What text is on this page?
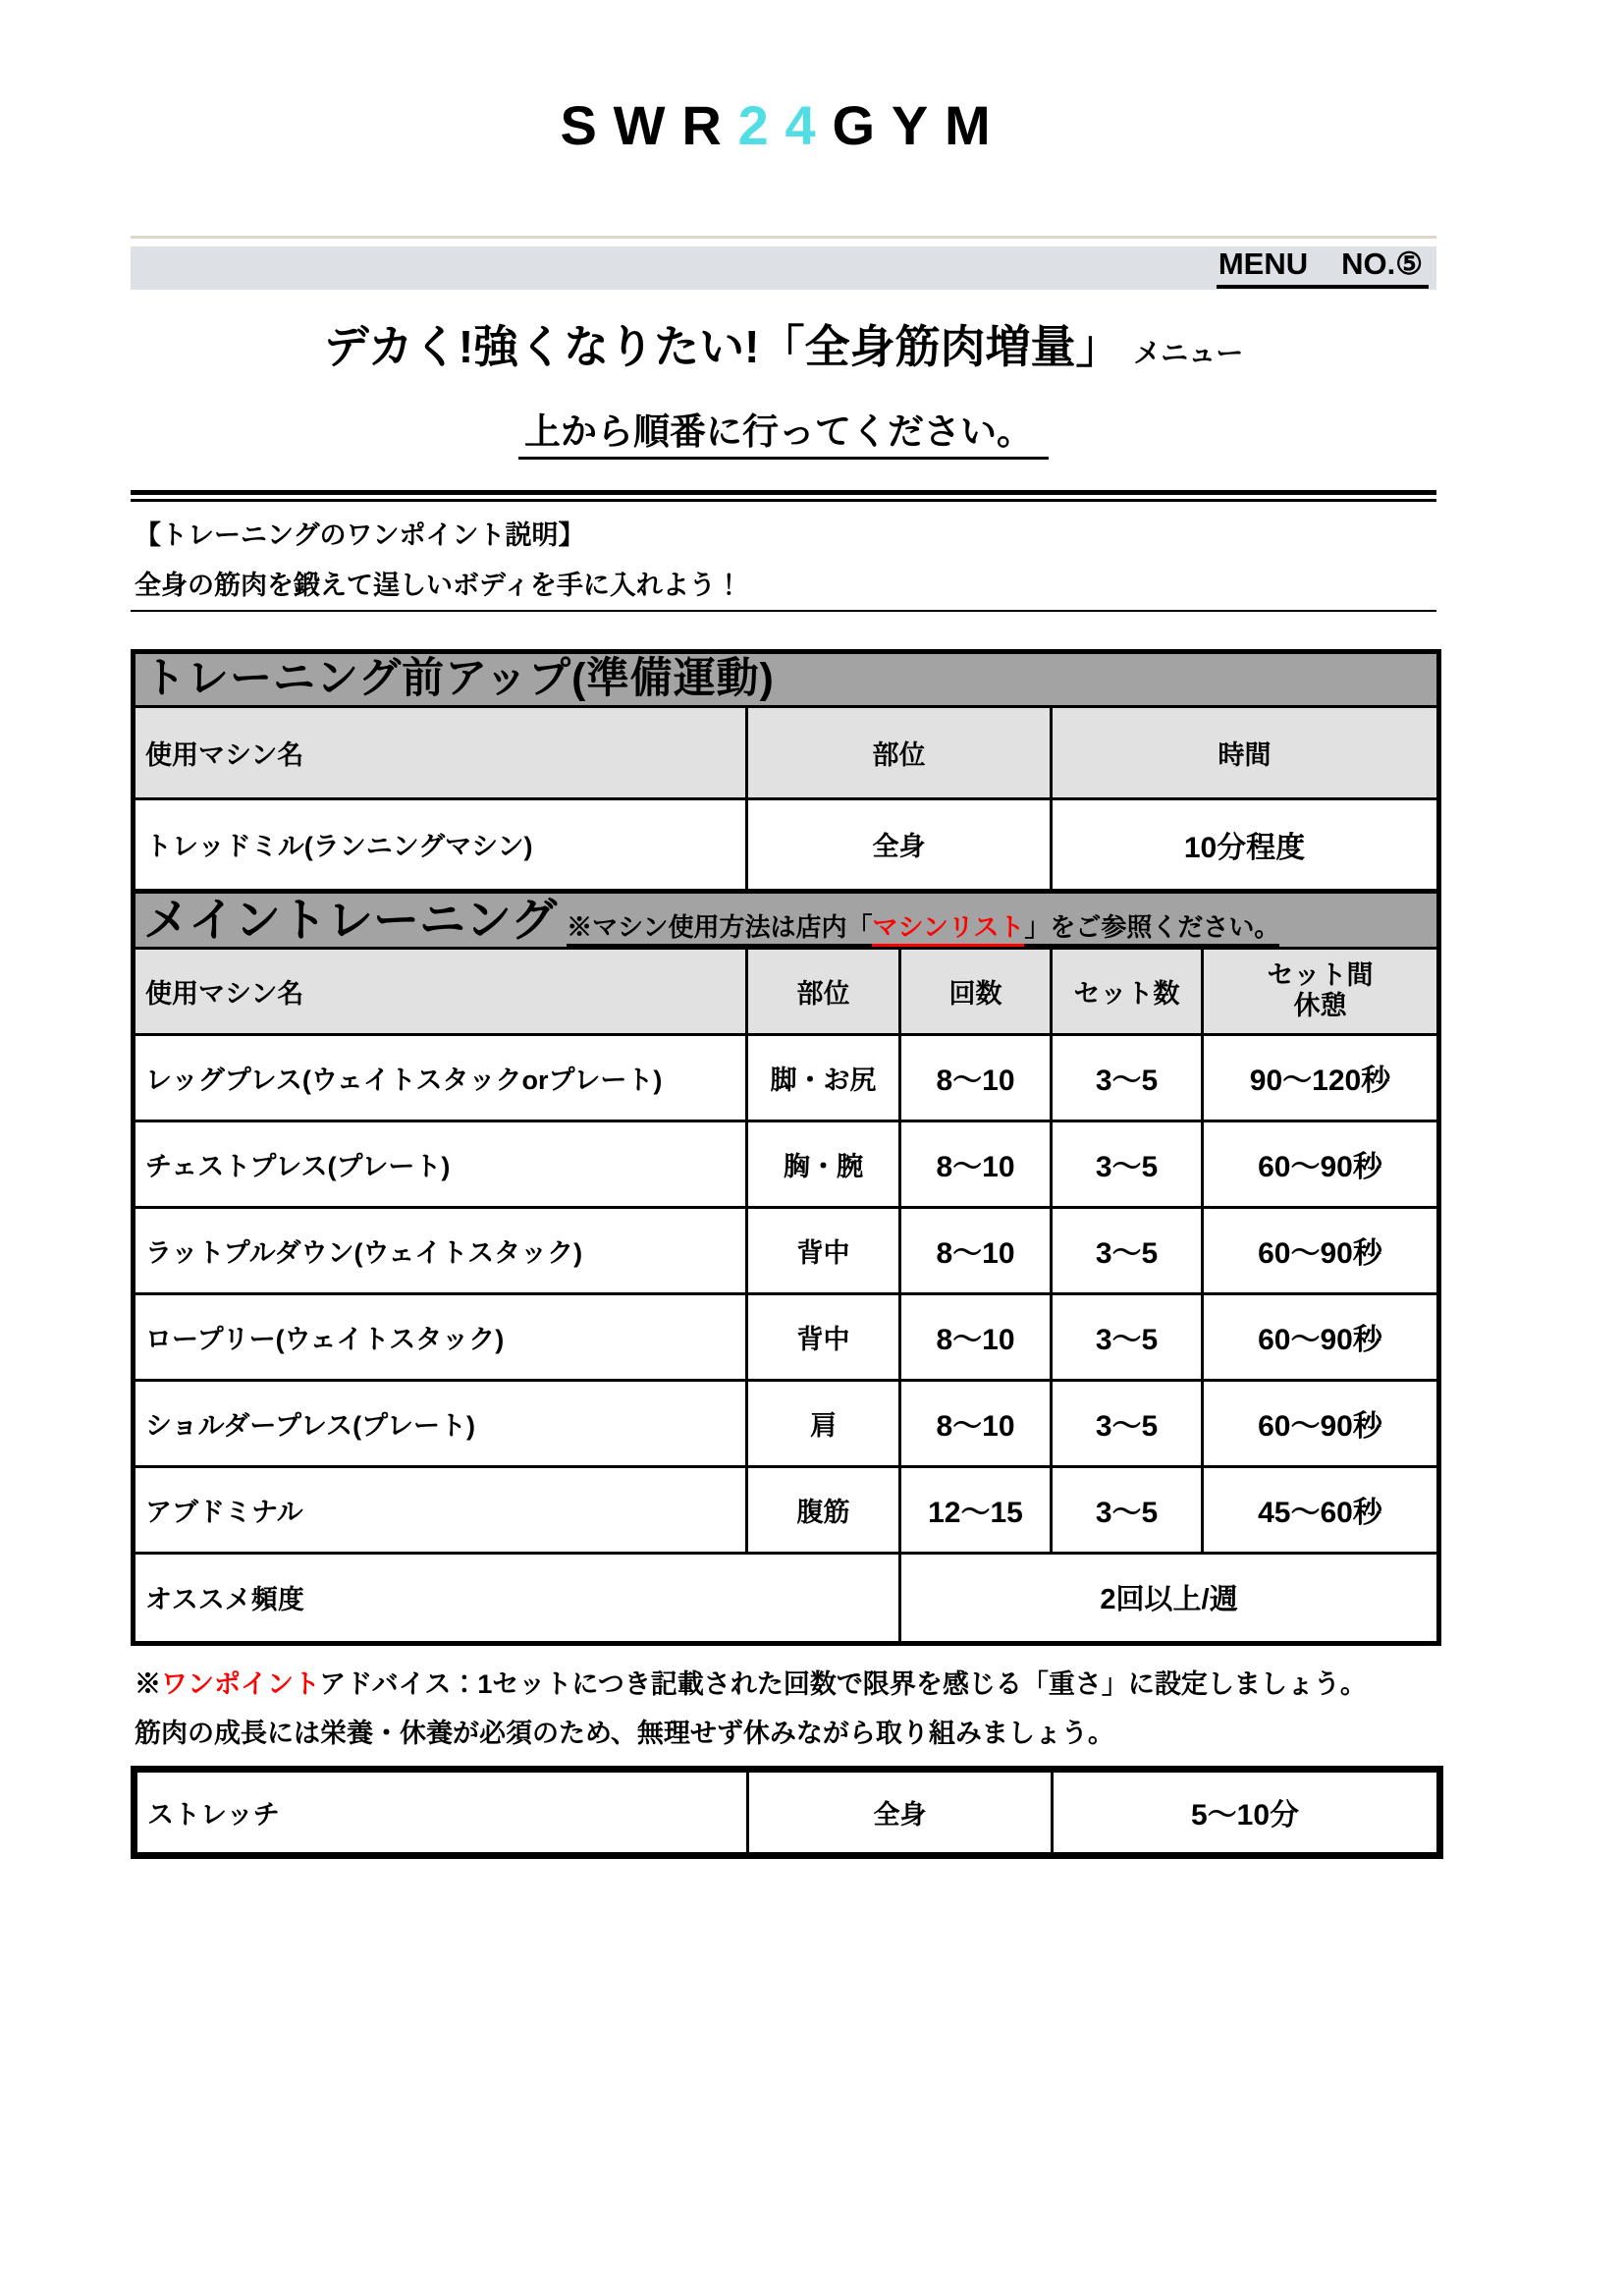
SWR24GYM
MENU NO.⑤
デカく!強くなりたい!「全身筋肉増量」 メニュー
上から順番に行ってください。
【トレーニングのワンポイント説明】
全身の筋肉を鍛えて逞しいボディを手に入れよう！
トレーニング前アップ(準備運動)		
使用マシン名	部位	時間
トレッドミル(ランニングマシン)	全身	10分程度
メイントレーニング ※マシン使用方法は店内「マシンリスト」をご参照ください。				

使用マシン名	部位	回数	セット数	セット間
休憩

レッグプレス(ウェイトスタックorプレート)	脚・お尻	8〜10	3〜5	90〜120秒
チェストプレス(プレート)	胸・腕	8〜10	3〜5	60〜90秒
ラットプルダウン(ウェイトスタック)	背中	8〜10	3〜5	60〜90秒
ロープリー(ウェイトスタック)	背中	8〜10	3〜5	60〜90秒
ショルダープレス(プレート)	肩	8〜10	3〜5	60〜90秒
アブドミナル	腹筋	12〜15	3〜5	45〜60秒
オススメ頻度		2回以上/週		
※ワンポイントアドバイス：1セットにつき記載された回数で限界を感じる「重さ」に設定しましょう。
筋肉の成長には栄養・休養が必須のため、無理せず休みながら取り組みましょう。
ストレッチ	全身	5〜10分
